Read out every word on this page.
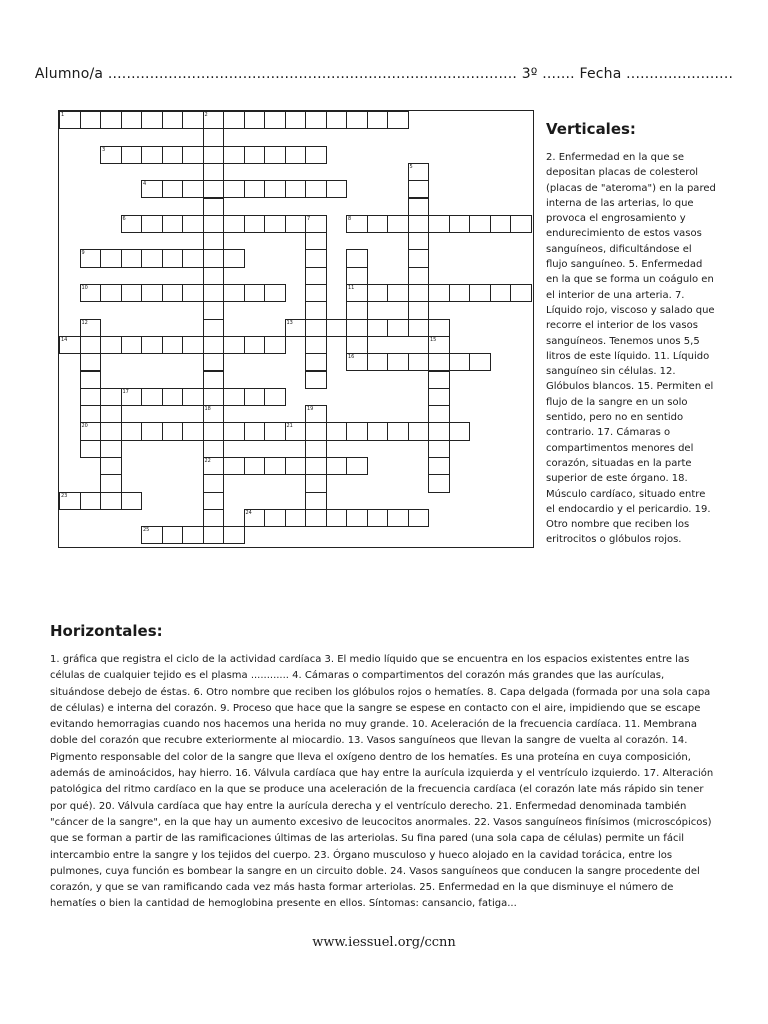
Alumno/a ........................................................................................ 3º ....... Fecha .......................
1	2
3
4
6	8
9
10	11
13
14
16
17
20	21
22
23
24
25
18
5
7
12
15
19
Verticales:

2. Enfermedad en la que se depositan placas de colesterol (placas de "ateroma") en la pared interna de las arterias, lo que provoca el engrosamiento y endurecimiento de estos vasos sanguíneos, dificultándose el flujo sanguíneo. 5. Enfermedad en la que se forma un coágulo en el interior de una arteria. 7. Líquido rojo, viscoso y salado que recorre el interior de los vasos sanguíneos. Tenemos unos 5,5 litros de este líquido. 11. Líquido sanguíneo sin células. 12. Glóbulos blancos. 15. Permiten el flujo de la sangre en un solo sentido, pero no en sentido contrario. 17. Cámaras o compartimentos menores del corazón, situadas en la parte superior de este órgano. 18. Músculo cardíaco, situado entre el endocardio y el pericardio. 19. Otro nombre que reciben los eritrocitos o glóbulos rojos.

Horizontales:

1. gráfica que registra el ciclo de la actividad cardíaca 3. El medio líquido que se encuentra en los espacios existentes entre las células de cualquier tejido es el plasma ............ 4. Cámaras o compartimentos del corazón más grandes que las aurículas, situándose debejo de éstas. 6. Otro nombre que reciben los glóbulos rojos o hematíes. 8. Capa delgada (formada por una sola capa de células) e interna del corazón. 9. Proceso que hace que la sangre se espese en contacto con el aire, impidiendo que se escape evitando hemorragias cuando nos hacemos una herida no muy grande. 10. Aceleración de la frecuencia cardíaca. 11. Membrana doble del corazón que recubre exteriormente al miocardio. 13. Vasos sanguíneos que llevan la sangre de vuelta al corazón. 14. Pigmento responsable del color de la sangre que lleva el oxígeno dentro de los hematíes. Es una proteína en cuya composición, además de aminoácidos, hay hierro. 16. Válvula cardíaca que hay entre la aurícula izquierda y el ventrículo izquierdo. 17. Alteración patológica del ritmo cardíaco en la que se produce una aceleración de la frecuencia cardíaca (el corazón late más rápido sin tener por qué). 20. Válvula cardíaca que hay entre la aurícula derecha y el ventrículo derecho. 21. Enfermedad denominada también "cáncer de la sangre", en la que hay un aumento excesivo de leucocitos anormales. 22. Vasos sanguíneos finísimos (microscópicos) que se forman a partir de las ramificaciones últimas de las arteriolas. Su fina pared (una sola capa de células) permite un fácil intercambio entre la sangre y los tejidos del cuerpo. 23. Órgano musculoso y hueco alojado en la cavidad torácica, entre los pulmones, cuya función es bombear la sangre en un circuito doble. 24. Vasos sanguíneos que conducen la sangre procedente del corazón, y que se van ramificando cada vez más hasta formar arteriolas. 25. Enfermedad en la que disminuye el número de hematíes o bien la cantidad de hemoglobina presente en ellos. Síntomas: cansancio, fatiga...

www.iessuel.org/ccnn
